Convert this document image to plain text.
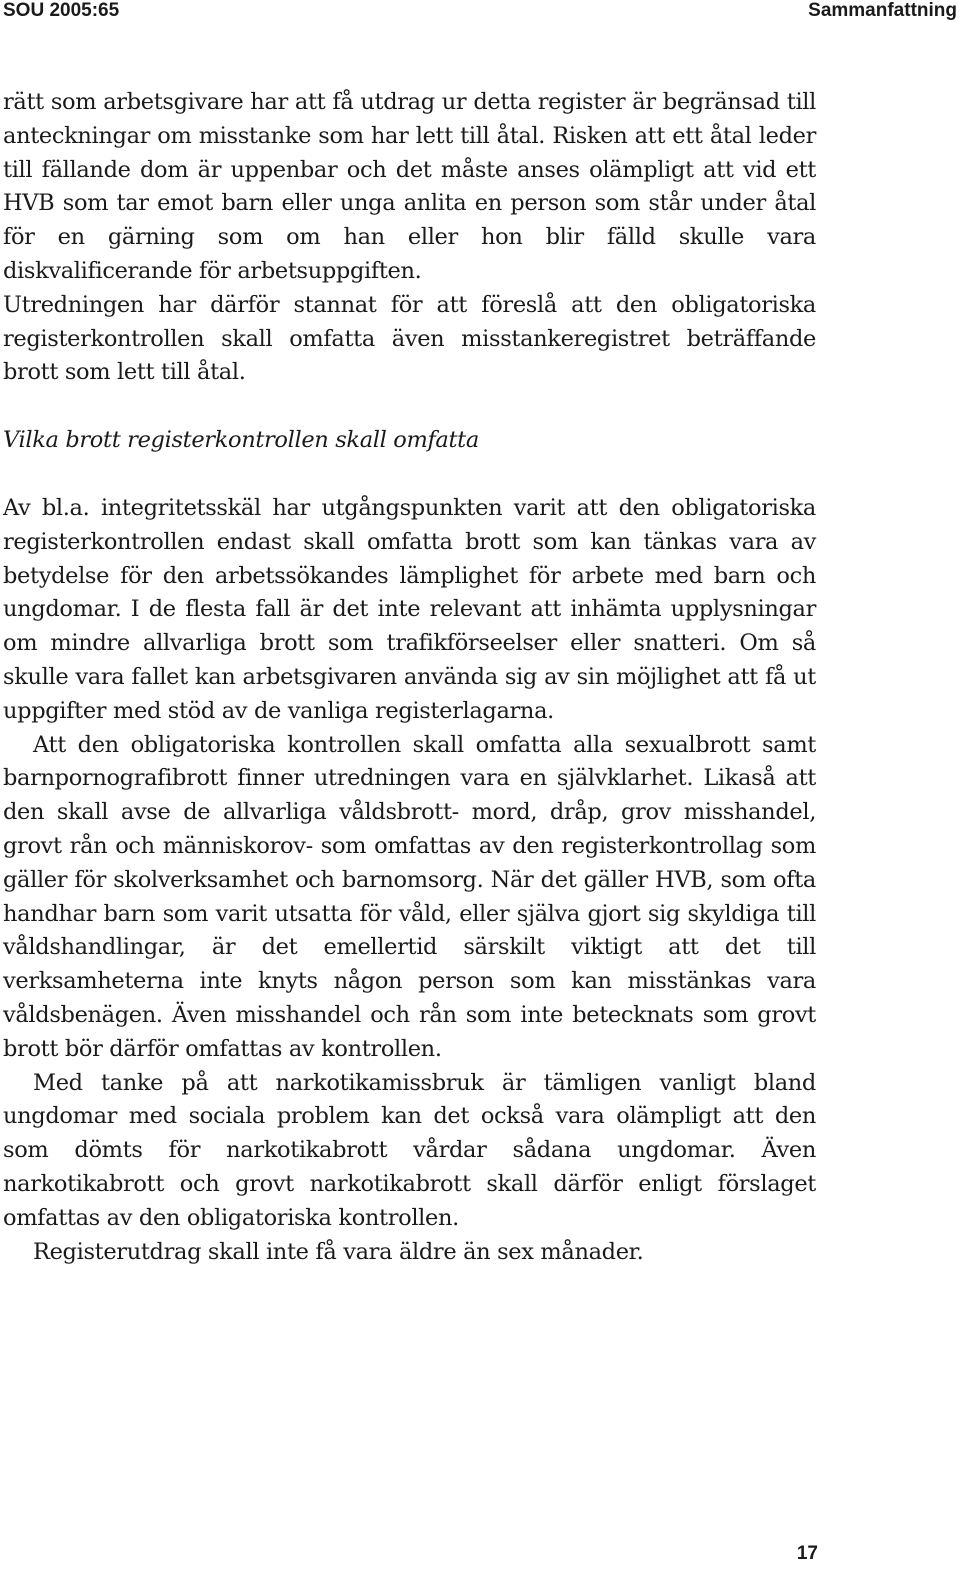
SOU 2005:65	Sammanfattning

rätt som arbetsgivare har att få utdrag ur detta register är begränsad till anteckningar om misstanke som har lett till åtal. Risken att ett åtal leder till fällande dom är uppenbar och det måste anses olämpligt att vid ett HVB som tar emot barn eller unga anlita en person som står under åtal för en gärning som om han eller hon blir fälld skulle vara diskvalificerande för arbetsuppgiften.

Utredningen har därför stannat för att föreslå att den obligatoriska registerkontrollen skall omfatta även misstankeregistret beträffande brott som lett till åtal.

Vilka brott registerkontrollen skall omfatta

Av bl.a. integritetsskäl har utgångspunkten varit att den obligatoriska registerkontrollen endast skall omfatta brott som kan tänkas vara av betydelse för den arbetssökandes lämplighet för arbete med barn och ungdomar. I de flesta fall är det inte relevant att inhämta upplysningar om mindre allvarliga brott som trafikförseelser eller snatteri. Om så skulle vara fallet kan arbetsgivaren använda sig av sin möjlighet att få ut uppgifter med stöd av de vanliga registerlagarna.

Att den obligatoriska kontrollen skall omfatta alla sexualbrott samt barnpornografibrott finner utredningen vara en självklarhet. Likaså att den skall avse de allvarliga våldsbrott- mord, dråp, grov misshandel, grovt rån och människorov- som omfattas av den registerkontrollag som gäller för skolverksamhet och barnomsorg. När det gäller HVB, som ofta handhar barn som varit utsatta för våld, eller själva gjort sig skyldiga till våldshandlingar, är det emellertid särskilt viktigt att det till verksamheterna inte knyts någon person som kan misstänkas vara våldsbenägen. Även misshandel och rån som inte betecknats som grovt brott bör därför omfattas av kontrollen.

Med tanke på att narkotikamissbruk är tämligen vanligt bland ungdomar med sociala problem kan det också vara olämpligt att den som dömts för narkotikabrott vårdar sådana ungdomar. Även narkotikabrott och grovt narkotikabrott skall därför enligt förslaget omfattas av den obligatoriska kontrollen.

Registerutdrag skall inte få vara äldre än sex månader.

17
